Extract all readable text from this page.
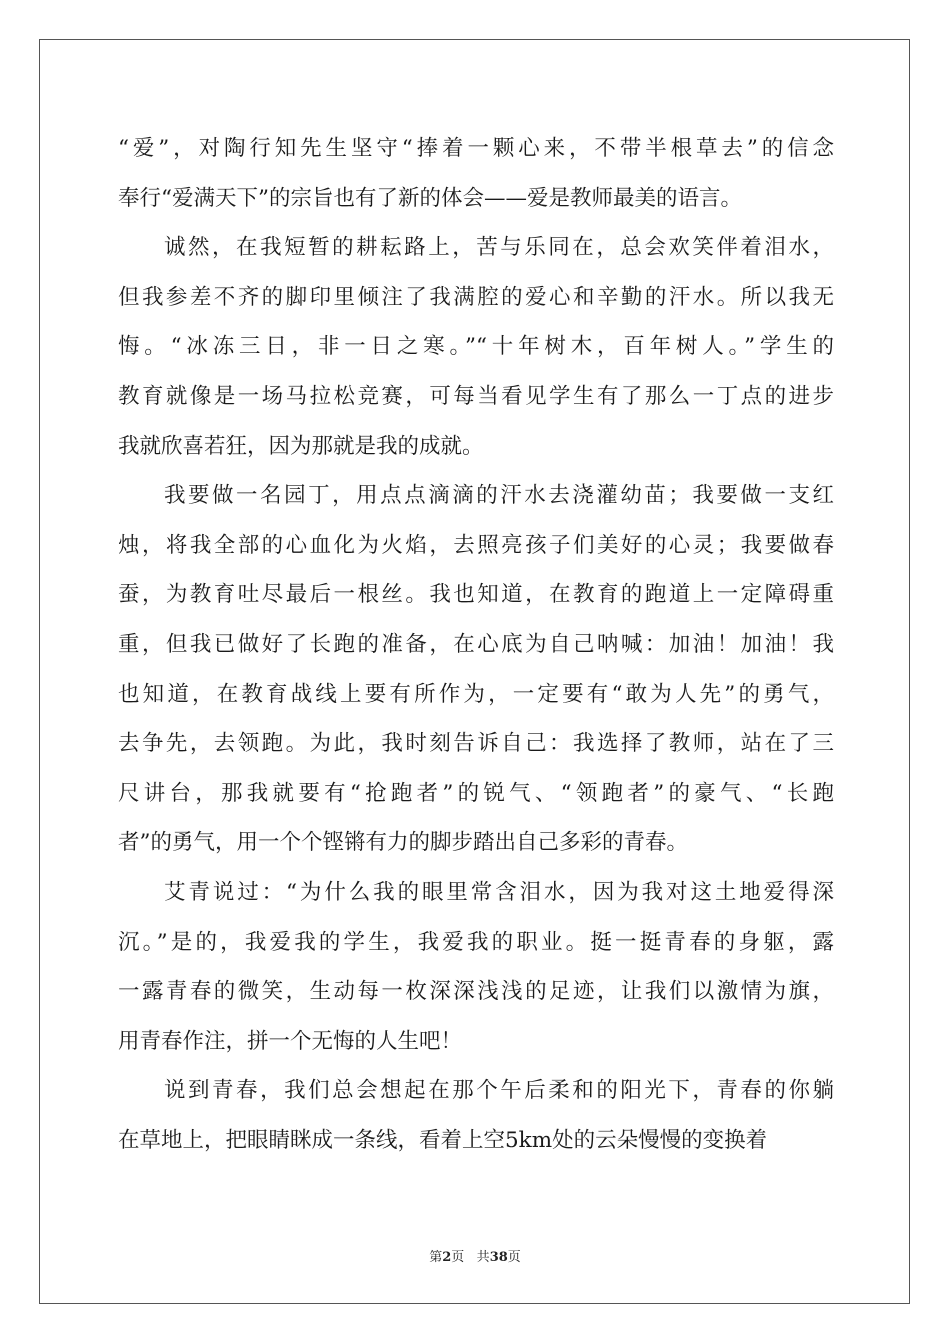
“爱”，对陶行知先生坚守“捧着一颗心来，不带半根草去”的信念
奉行“爱满天下”的宗旨也有了新的体会——爱是教师最美的语言。
诚然，在我短暂的耕耘路上，苦与乐同在，总会欢笑伴着泪水，
但我参差不齐的脚印里倾注了我满腔的爱心和辛勤的汗水。所以我无
悔。“冰冻三日，非一日之寒。”“十年树木，百年树人。”学生的
教育就像是一场马拉松竞赛，可每当看见学生有了那么一丁点的进步
我就欣喜若狂，因为那就是我的成就。
我要做一名园丁，用点点滴滴的汗水去浇灌幼苗；我要做一支红
烛，将我全部的心血化为火焰，去照亮孩子们美好的心灵；我要做春
蚕，为教育吐尽最后一根丝。我也知道，在教育的跑道上一定障碍重
重，但我已做好了长跑的准备，在心底为自己呐喊：加油！加油！我
也知道，在教育战线上要有所作为，一定要有“敢为人先”的勇气，
去争先，去领跑。为此，我时刻告诉自己：我选择了教师，站在了三
尺讲台，那我就要有“抢跑者”的锐气、“领跑者”的豪气、“长跑
者”的勇气，用一个个铿锵有力的脚步踏出自己多彩的青春。
艾青说过：“为什么我的眼里常含泪水，因为我对这土地爱得深
沉。”是的，我爱我的学生，我爱我的职业。挺一挺青春的身躯，露
一露青春的微笑，生动每一枚深深浅浅的足迹，让我们以激情为旗，
用青春作注，拼一个无悔的人生吧！
说到青春，我们总会想起在那个午后柔和的阳光下，青春的你躺
在草地上，把眼睛眯成一条线，看着上空5km处的云朵慢慢的变换着
第2页 共38页
